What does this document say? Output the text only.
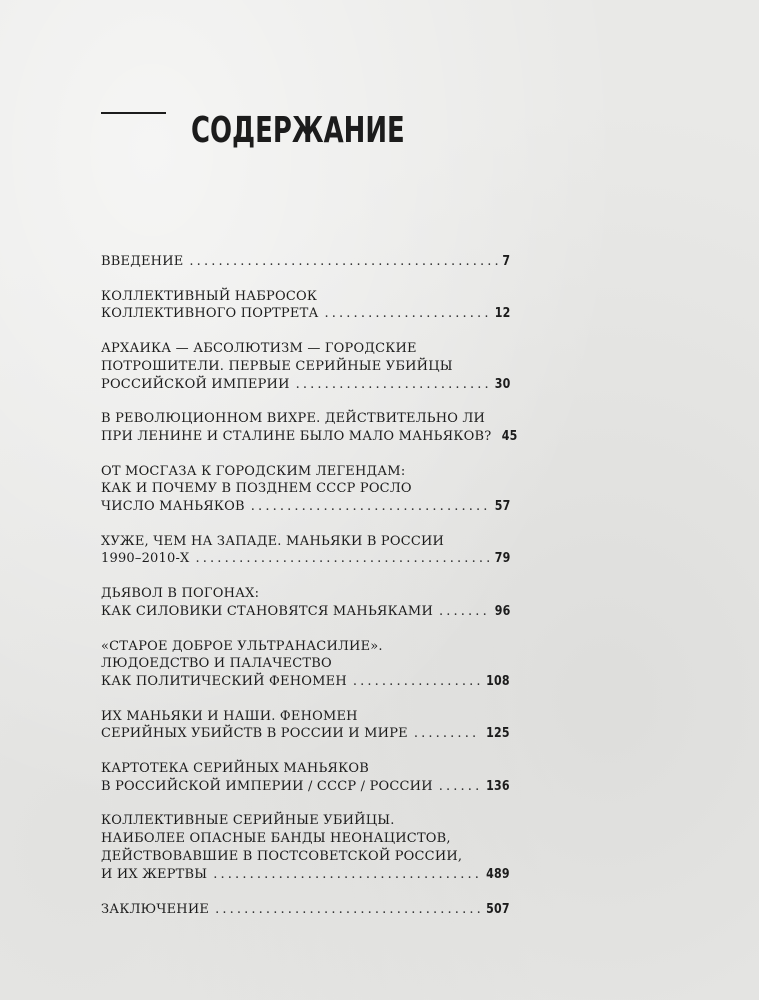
СОДЕРЖАНИЕ
ВВЕДЕНИЕ . . .	7
КОЛЛЕКТИВНЫЙ НАБРОСОК
КОЛЛЕКТИВНОГО ПОРТРЕТА . . .	12
АРХАИКА — АБСОЛЮТИЗМ — ГОРОДСКИЕ
ПОТРОШИТЕЛИ. ПЕРВЫЕ СЕРИЙНЫЕ УБИЙЦЫ
РОССИЙСКОЙ ИМПЕРИИ . . .	30
В РЕВОЛЮЦИОННОМ ВИХРЕ. ДЕЙСТВИТЕЛЬНО ЛИ
ПРИ ЛЕНИНЕ И СТАЛИНЕ БЫЛО МАЛО МАНЬЯКОВ? 45
ОТ МОСГАЗА К ГОРОДСКИМ ЛЕГЕНДАМ:
КАК И ПОЧЕМУ В ПОЗДНЕМ СССР РОСЛО
ЧИСЛО МАНЬЯКОВ . . .	57
ХУЖЕ, ЧЕМ НА ЗАПАДЕ. МАНЬЯКИ В РОССИИ
1990–2010-Х . . .	79
ДЬЯВОЛ В ПОГОНАХ:
КАК СИЛОВИКИ СТАНОВЯТСЯ МАНЬЯКАМИ . . .	96
«СТАРОЕ ДОБРОЕ УЛЬТРАНАСИЛИЕ».
ЛЮДОЕДСТВО И ПАЛАЧЕСТВО
КАК ПОЛИТИЧЕСКИЙ ФЕНОМЕН . . .	108
ИХ МАНЬЯКИ И НАШИ. ФЕНОМЕН
СЕРИЙНЫХ УБИЙСТВ В РОССИИ И МИРЕ . . .	125
КАРТОТЕКА СЕРИЙНЫХ МАНЬЯКОВ
В РОССИЙСКОЙ ИМПЕРИИ / СССР / РОССИИ . . .	136
КОЛЛЕКТИВНЫЕ СЕРИЙНЫЕ УБИЙЦЫ.
НАИБОЛЕЕ ОПАСНЫЕ БАНДЫ НЕОНАЦИСТОВ,
ДЕЙСТВОВАВШИЕ В ПОСТСОВЕТСКОЙ РОССИИ,
И ИХ ЖЕРТВЫ . . .	489
ЗАКЛЮЧЕНИЕ . . .	507
